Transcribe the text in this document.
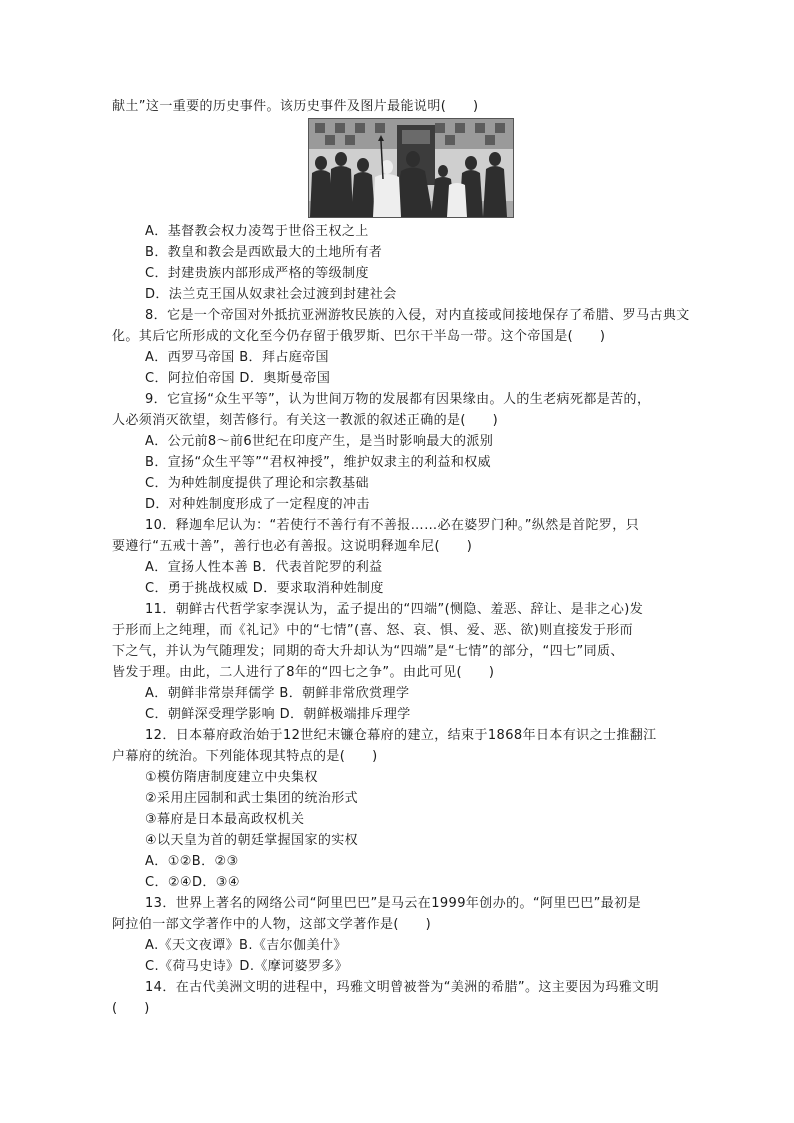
献土”这一重要的历史事件。该历史事件及图片最能说明(　　)

A．基督教会权力凌驾于世俗王权之上

B．教皇和教会是西欧最大的土地所有者

C．封建贵族内部形成严格的等级制度

D．法兰克王国从奴隶社会过渡到封建社会

8．它是一个帝国对外抵抗亚洲游牧民族的入侵，对内直接或间接地保存了希腊、罗马古典文

化。其后它所形成的文化至今仍存留于俄罗斯、巴尔干半岛一带。这个帝国是(　　)

A．西罗马帝国 B．拜占庭帝国

C．阿拉伯帝国 D．奥斯曼帝国

9．它宣扬“众生平等”，认为世间万物的发展都有因果缘由。人的生老病死都是苦的，

人必须消灭欲望，刻苦修行。有关这一教派的叙述正确的是(　　)

A．公元前8～前6世纪在印度产生，是当时影响最大的派别

B．宣扬“众生平等”“君权神授”，维护奴隶主的利益和权威

C．为种姓制度提供了理论和宗教基础

D．对种姓制度形成了一定程度的冲击

10．释迦牟尼认为：“若使行不善行有不善报……必在婆罗门种。”纵然是首陀罗，只

要遵行“五戒十善”，善行也必有善报。这说明释迦牟尼(　　)

A．宣扬人性本善 B．代表首陀罗的利益

C．勇于挑战权威 D．要求取消种姓制度

11．朝鲜古代哲学家李滉认为，孟子提出的“四端”(恻隐、羞恶、辞让、是非之心)发

于形而上之纯理，而《礼记》中的“七情”(喜、怒、哀、惧、爱、恶、欲)则直接发于形而

下之气，并认为气随理发；同期的奇大升却认为“四端”是“七情”的部分，“四七”同质、

皆发于理。由此，二人进行了8年的“四七之争”。由此可见(　　)

A．朝鲜非常崇拜儒学 B．朝鲜非常欣赏理学

C．朝鲜深受理学影响 D．朝鲜极端排斥理学

12．日本幕府政治始于12世纪末镰仓幕府的建立，结束于1868年日本有识之士推翻江

户幕府的统治。下列能体现其特点的是(　　)

①模仿隋唐制度建立中央集权

②采用庄园制和武士集团的统治形式

③幕府是日本最高政权机关

④以天皇为首的朝廷掌握国家的实权

A．①②B．②③

C．②④D．③④

13．世界上著名的网络公司“阿里巴巴”是马云在1999年创办的。“阿里巴巴”最初是

阿拉伯一部文学著作中的人物，这部文学著作是(　　)

A.《天文夜谭》B.《吉尔伽美什》

C.《荷马史诗》D.《摩诃婆罗多》

14．在古代美洲文明的进程中，玛雅文明曾被誉为“美洲的希腊”。这主要因为玛雅文明

(　　)
